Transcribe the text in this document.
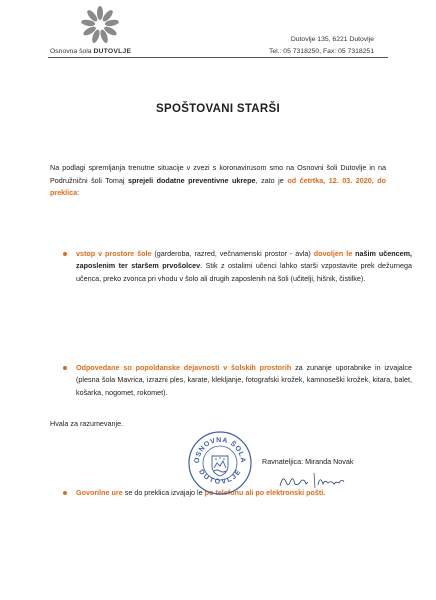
Osnovna šola DUTOVLJE
Dutovlje 135, 6221 Dutovlje
Tel.: 05 7318250, Fax: 05 7318251
SPOŠTOVANI STARŠI

Na podlagi spremljanja trenutne situacije v zvezi s koronavirusom smo na Osnovni šoli Dutovlje in na Podružnični šoli Tomaj sprejeli dodatne preventivne ukrepe, zato je od četrtka, 12. 03. 2020, do preklica:

vstop v prostore šole (garderoba, razred, večnamenski prostor - avla) dovoljen le našim učencem, zaposlenim ter staršem prvošolcev. Stik z ostalimi učenci lahko starši vzpostavite prek dežurnega učenca, preko zvonca pri vhodu v šolo ali drugih zaposlenih na šoli (učitelji, hišnik, čistilke).
Odpovedane so popoldanske dejavnosti v šolskih prostorih za zunanje uporabnike in izvajalce (plesna šola Mavrica, izrazni ples, karate, klekljanje, fotografski krožek, kamnoseški krožek, kitara, balet, košarka, nogomet, rokomet).
Govorilne ure se do preklica izvajajo le po telefonu ali po elektronski pošti.

Hvala za razumevanje.

OSNOVNA ŠOLA
DUTOVLJE
Ravnateljica: Miranda Novak
